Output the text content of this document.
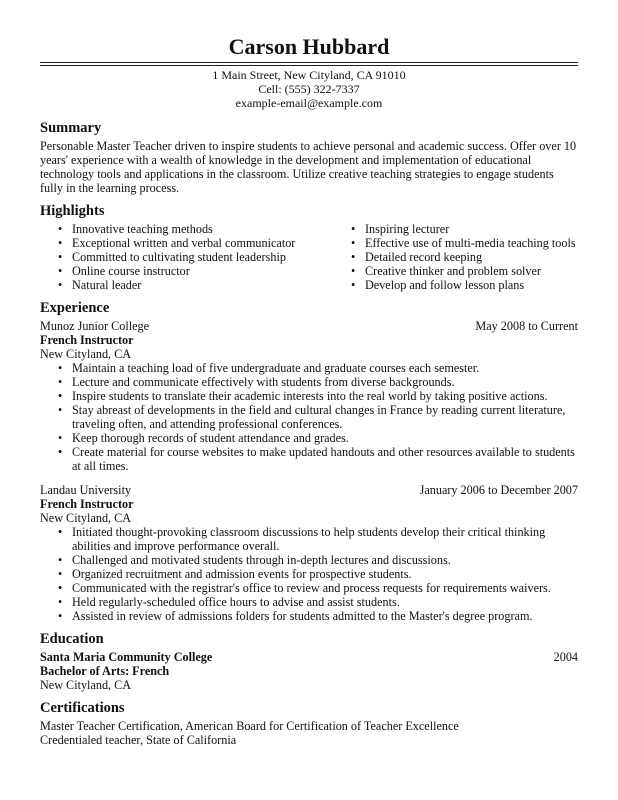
Carson Hubbard
1 Main Street, New Cityland, CA 91010
Cell: (555) 322-7337
example-email@example.com
Summary

Personable Master Teacher driven to inspire students to achieve personal and academic success. Offer over 10 years' experience with a wealth of knowledge in the development and implementation of educational technology tools and applications in the classroom. Utilize creative teaching strategies to engage students fully in the learning process.

Highlights
• Innovative teaching methods
• Exceptional written and verbal communicator
• Committed to cultivating student leadership
• Online course instructor
• Natural leader
• Inspiring lecturer
• Effective use of multi-media teaching tools
• Detailed record keeping
• Creative thinker and problem solver
• Develop and follow lesson plans
Experience
Munoz Junior College	May 2008 to Current
French Instructor
New Cityland, CA
• Maintain a teaching load of five undergraduate and graduate courses each semester.
• Lecture and communicate effectively with students from diverse backgrounds.
• Inspire students to translate their academic interests into the real world by taking positive actions.
• Stay abreast of developments in the field and cultural changes in France by reading current literature, traveling often, and attending professional conferences.
• Keep thorough records of student attendance and grades.
• Create material for course websites to make updated handouts and other resources available to students at all times.
Landau University	January 2006 to December 2007
French Instructor
New Cityland, CA
• Initiated thought-provoking classroom discussions to help students develop their critical thinking abilities and improve performance overall.
• Challenged and motivated students through in-depth lectures and discussions.
• Organized recruitment and admission events for prospective students.
• Communicated with the registrar's office to review and process requests for requirements waivers.
• Held regularly-scheduled office hours to advise and assist students.
• Assisted in review of admissions folders for students admitted to the Master's degree program.
Education
Santa Maria Community College	2004
Bachelor of Arts: French
New Cityland, CA
Certifications
Master Teacher Certification, American Board for Certification of Teacher Excellence
Credentialed teacher, State of California
